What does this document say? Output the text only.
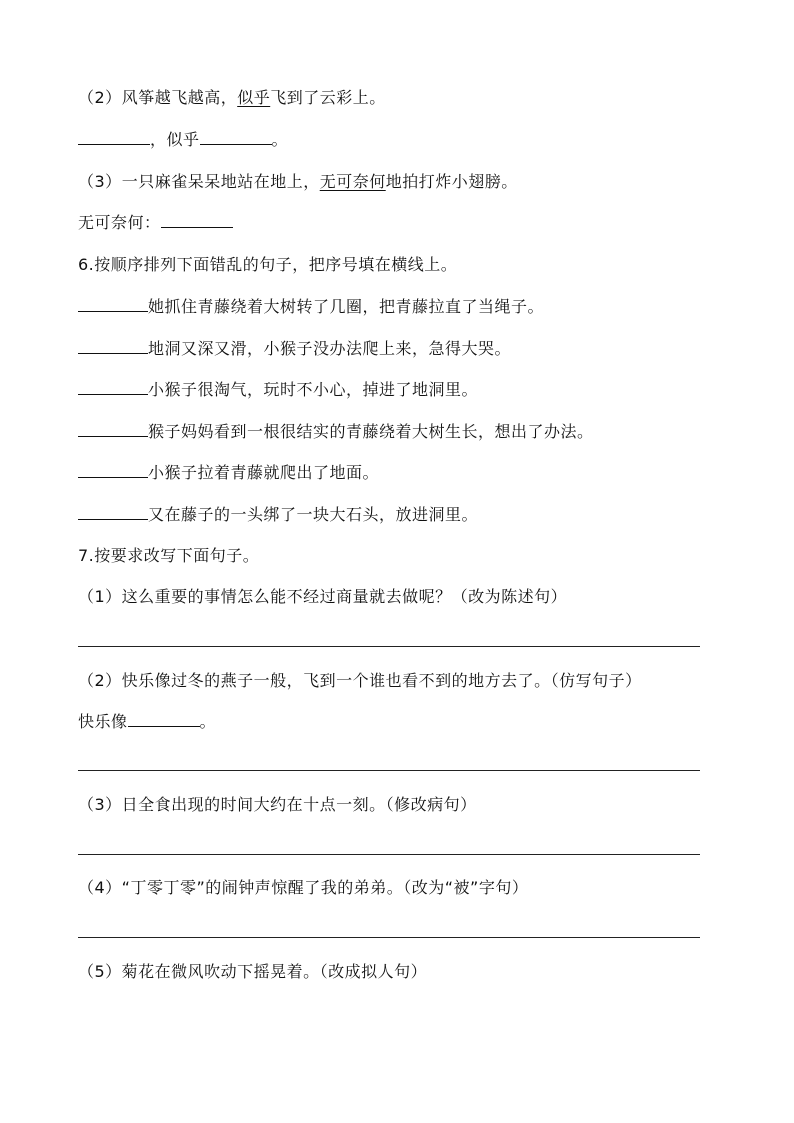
（2）风筝越飞越高，似乎飞到了云彩上。
，似乎	。
（3）一只麻雀呆呆地站在地上，无可奈何地拍打炸小翅膀。
无可奈何：
6.按顺序排列下面错乱的句子，把序号填在横线上。
她抓住青藤绕着大树转了几圈，把青藤拉直了当绳子。
地洞又深又滑，小猴子没办法爬上来，急得大哭。
小猴子很淘气，玩时不小心，掉进了地洞里。
猴子妈妈看到一根很结实的青藤绕着大树生长，想出了办法。
小猴子拉着青藤就爬出了地面。
又在藤子的一头绑了一块大石头，放进洞里。
7.按要求改写下面句子。
（1）这么重要的事情怎么能不经过商量就去做呢？（改为陈述句）
（2）快乐像过冬的燕子一般，飞到一个谁也看不到的地方去了。（仿写句子）
快乐像	。
（3）日全食出现的时间大约在十点一刻。（修改病句）
（4）“丁零丁零”的闹钟声惊醒了我的弟弟。（改为“被”字句）
（5）菊花在微风吹动下摇晃着。（改成拟人句）
